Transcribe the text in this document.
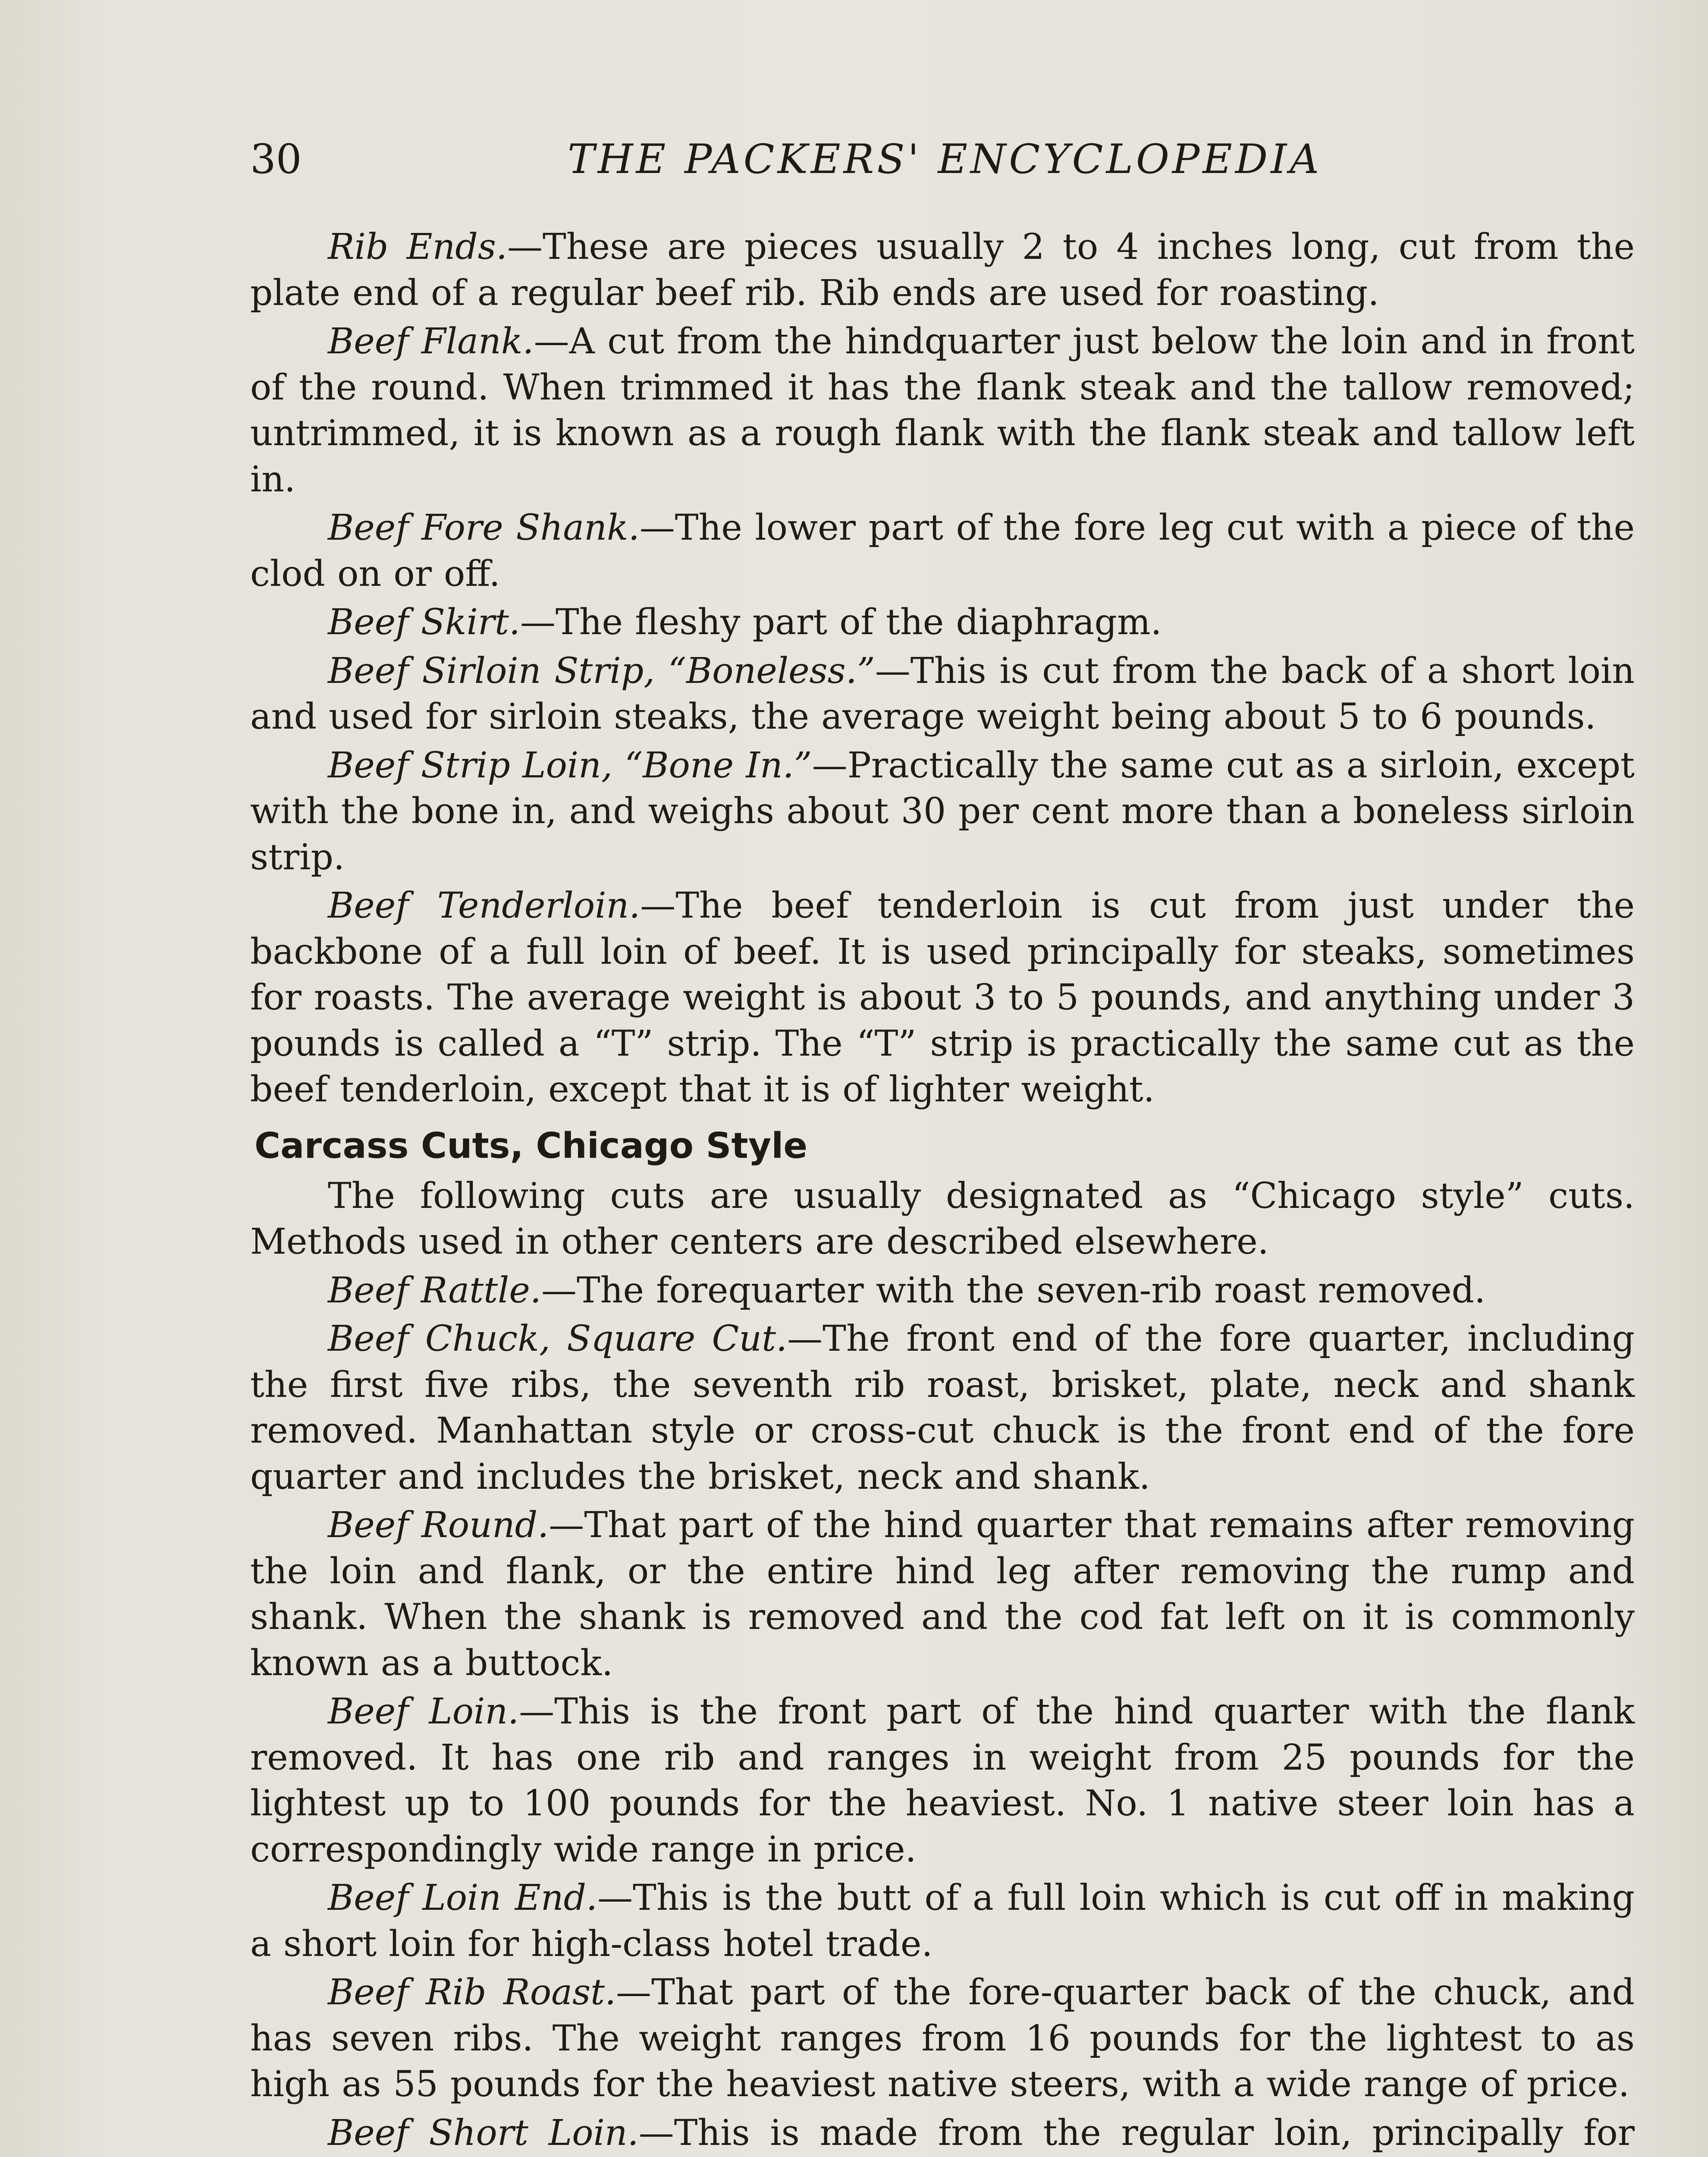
30	THE PACKERS' ENCYCLOPEDIA

Rib Ends.—These are pieces usually 2 to 4 inches long, cut from the plate end of a regular beef rib. Rib ends are used for roasting.

Beef Flank.—A cut from the hindquarter just below the loin and in front of the round. When trimmed it has the flank steak and the tallow removed; untrimmed, it is known as a rough flank with the flank steak and tallow left in.

Beef Fore Shank.—The lower part of the fore leg cut with a piece of the clod on or off.

Beef Skirt.—The fleshy part of the diaphragm.

Beef Sirloin Strip, “Boneless.”—This is cut from the back of a short loin and used for sirloin steaks, the average weight being about 5 to 6 pounds.

Beef Strip Loin, “Bone In.”—Practically the same cut as a sirloin, except with the bone in, and weighs about 30 per cent more than a boneless sirloin strip.

Beef Tenderloin.—The beef tenderloin is cut from just under the backbone of a full loin of beef. It is used principally for steaks, sometimes for roasts. The average weight is about 3 to 5 pounds, and anything under 3 pounds is called a “T” strip. The “T” strip is practically the same cut as the beef tenderloin, except that it is of lighter weight.

Carcass Cuts, Chicago Style

The following cuts are usually designated as “Chicago style” cuts. Methods used in other centers are described elsewhere.

Beef Rattle.—The forequarter with the seven-rib roast removed.

Beef Chuck, Square Cut.—The front end of the fore quarter, including the first five ribs, the seventh rib roast, brisket, plate, neck and shank removed. Manhattan style or cross-cut chuck is the front end of the fore quarter and includes the brisket, neck and shank.

Beef Round.—That part of the hind quarter that remains after removing the loin and flank, or the entire hind leg after removing the rump and shank. When the shank is removed and the cod fat left on it is commonly known as a buttock.

Beef Loin.—This is the front part of the hind quarter with the flank removed. It has one rib and ranges in weight from 25 pounds for the lightest up to 100 pounds for the heaviest. No. 1 native steer loin has a correspondingly wide range in price.

Beef Loin End.—This is the butt of a full loin which is cut off in making a short loin for high-class hotel trade.

Beef Rib Roast.—That part of the fore-quarter back of the chuck, and has seven ribs. The weight ranges from 16 pounds for the lightest to as high as 55 pounds for the heaviest native steers, with a wide range of price.

Beef Short Loin.—This is made from the regular loin, principally for
